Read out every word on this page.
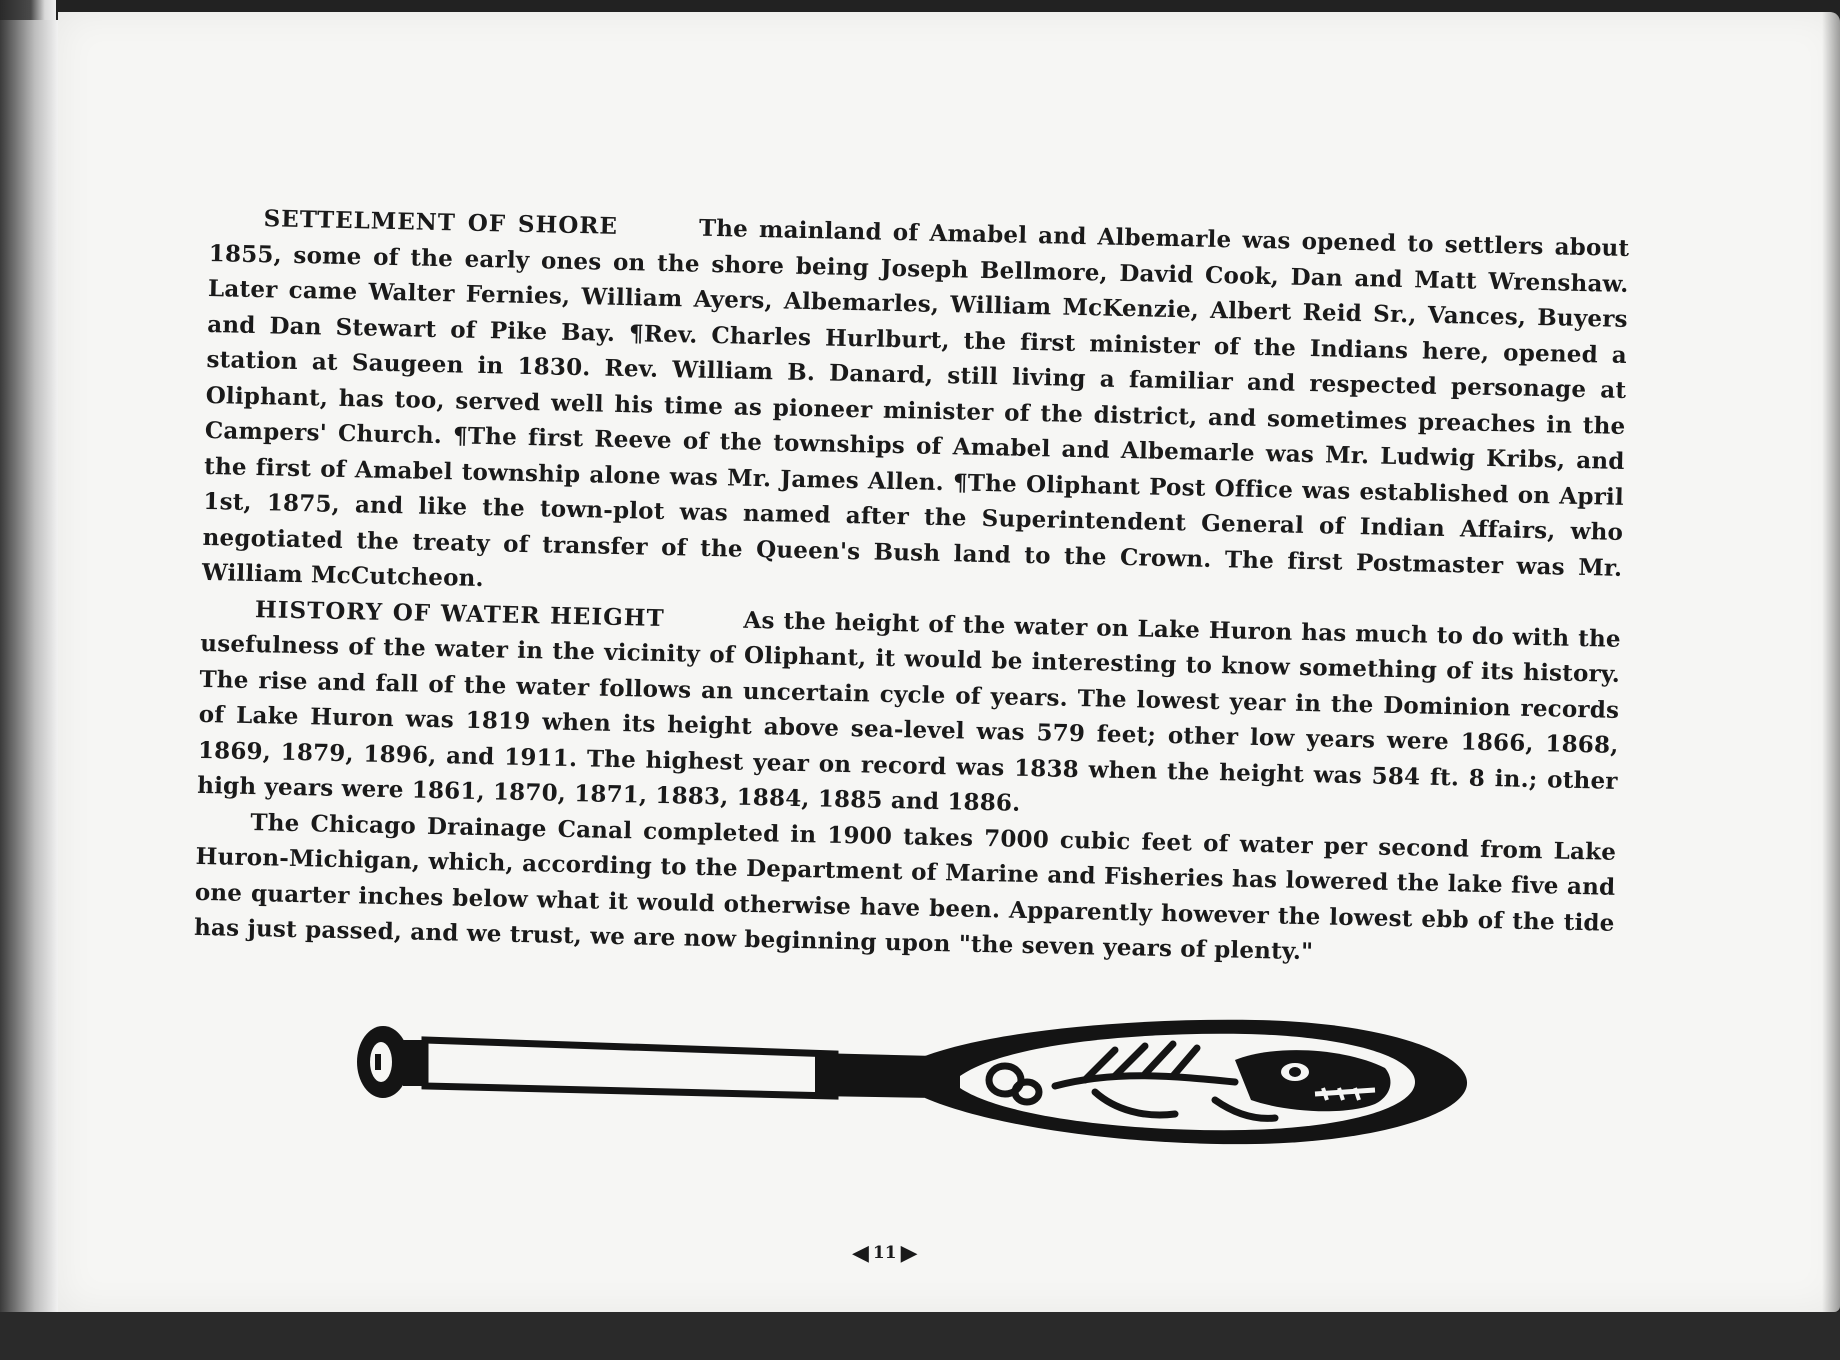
SETTELMENT OF SHORE	The mainland of Amabel and Albemarle was opened to settlers about 1855, some of the early ones on the shore being Joseph Bellmore, David Cook, Dan and Matt Wrenshaw. Later came Walter Fernies, William Ayers, Albemarles, William McKenzie, Albert Reid Sr., Vances, Buyers and Dan Stewart of Pike Bay. ¶Rev. Charles Hurlburt, the first minister of the Indians here, opened a station at Saugeen in 1830. Rev. William B. Danard, still living a familiar and respected personage at Oliphant, has too, served well his time as pioneer minister of the district, and sometimes preaches in the Campers' Church. ¶The first Reeve of the townships of Amabel and Albemarle was Mr. Ludwig Kribs, and the first of Amabel township alone was Mr. James Allen. ¶The Oliphant Post Office was established on April 1st, 1875, and like the town-plot was named after the Superintendent General of Indian Affairs, who negotiated the treaty of transfer of the Queen's Bush land to the Crown. The first Postmaster was Mr. William McCutcheon.

HISTORY OF WATER HEIGHT	As the height of the water on Lake Huron has much to do with the usefulness of the water in the vicinity of Oliphant, it would be interesting to know something of its history. The rise and fall of the water follows an uncertain cycle of years. The lowest year in the Dominion records of Lake Huron was 1819 when its height above sea-level was 579 feet; other low years were 1866, 1868, 1869, 1879, 1896, and 1911. The highest year on record was 1838 when the height was 584 ft. 8 in.; other high years were 1861, 1870, 1871, 1883, 1884, 1885 and 1886.

The Chicago Drainage Canal completed in 1900 takes 7000 cubic feet of water per second from Lake Huron-Michigan, which, according to the Department of Marine and Fisheries has lowered the lake five and one quarter inches below what it would otherwise have been. Apparently however the lowest ebb of the tide has just passed, and we trust, we are now beginning upon "the seven years of plenty."

◀ 11 ▶
